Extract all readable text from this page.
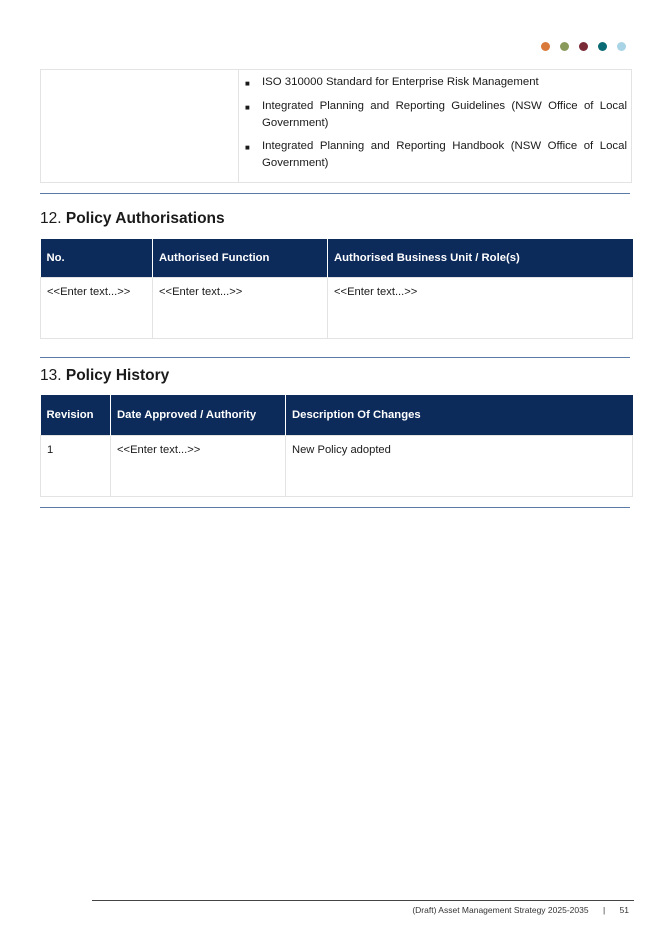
■	ISO 310000 Standard for Enterprise Risk Management
■	Integrated Planning and Reporting Guidelines (NSW Office of Local Government)
■	Integrated Planning and Reporting Handbook (NSW Office of Local Government)
12. Policy Authorisations
No.	Authorised Function	Authorised Business Unit / Role(s)
<<Enter text...>>	<<Enter text...>>	<<Enter text...>>
13. Policy History
Revision	Date Approved / Authority	Description Of Changes
1	<<Enter text...>>	New Policy adopted
(Draft) Asset Management Strategy 2025-2035 | 51
